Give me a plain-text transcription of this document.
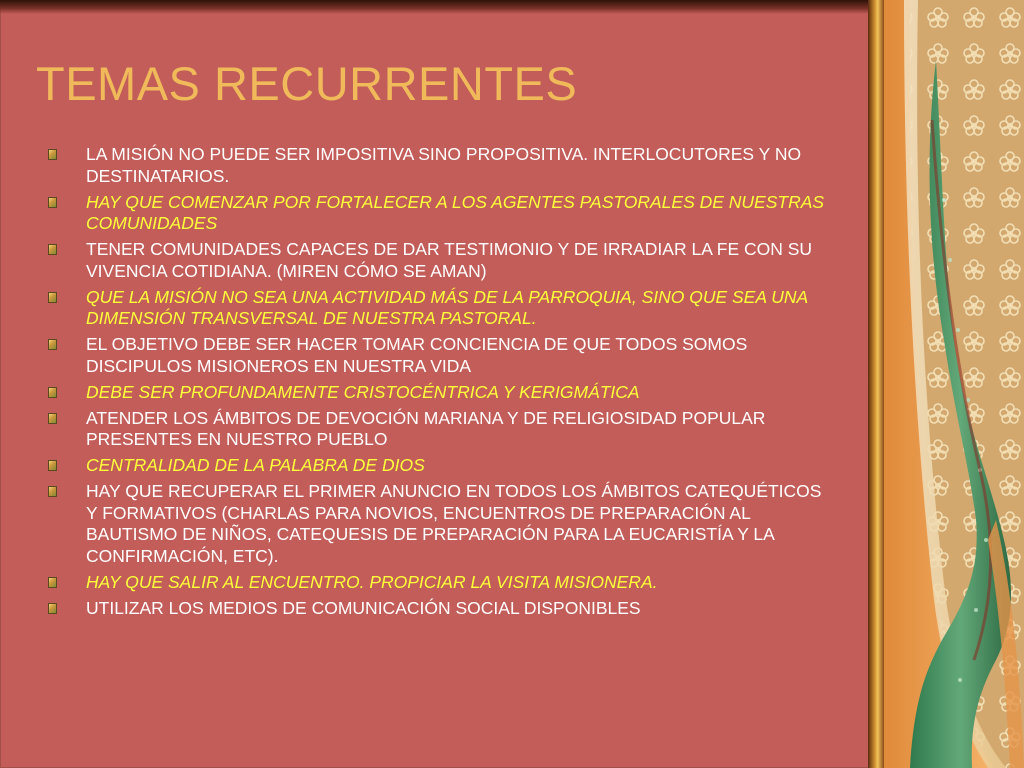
TEMAS RECURRENTES
LA MISIÓN NO PUEDE SER IMPOSITIVA SINO PROPOSITIVA. INTERLOCUTORES Y NO DESTINATARIOS.
HAY QUE COMENZAR POR FORTALECER A LOS AGENTES PASTORALES DE NUESTRAS COMUNIDADES
TENER COMUNIDADES CAPACES DE DAR TESTIMONIO Y DE IRRADIAR LA FE CON SU VIVENCIA COTIDIANA. (MIREN CÓMO SE AMAN)
QUE LA MISIÓN NO SEA UNA ACTIVIDAD MÁS DE LA PARROQUIA, SINO QUE SEA UNA DIMENSIÓN TRANSVERSAL DE NUESTRA PASTORAL.
EL OBJETIVO DEBE SER HACER TOMAR CONCIENCIA DE QUE TODOS SOMOS DISCIPULOS MISIONEROS EN NUESTRA VIDA
DEBE SER PROFUNDAMENTE CRISTOCÉNTRICA Y KERIGMÁTICA
ATENDER LOS ÁMBITOS DE DEVOCIÓN MARIANA Y DE RELIGIOSIDAD POPULAR PRESENTES EN NUESTRO PUEBLO
CENTRALIDAD DE LA PALABRA DE DIOS
HAY QUE RECUPERAR EL PRIMER ANUNCIO EN TODOS LOS ÁMBITOS CATEQUÉTICOS Y FORMATIVOS (CHARLAS PARA NOVIOS, ENCUENTROS DE PREPARACIÓN AL BAUTISMO DE NIÑOS, CATEQUESIS DE PREPARACIÓN PARA LA EUCARISTÍA Y LA CONFIRMACIÓN, ETC).
HAY QUE SALIR AL ENCUENTRO. PROPICIAR LA VISITA MISIONERA.
UTILIZAR LOS MEDIOS DE COMUNICACIÓN SOCIAL DISPONIBLES
